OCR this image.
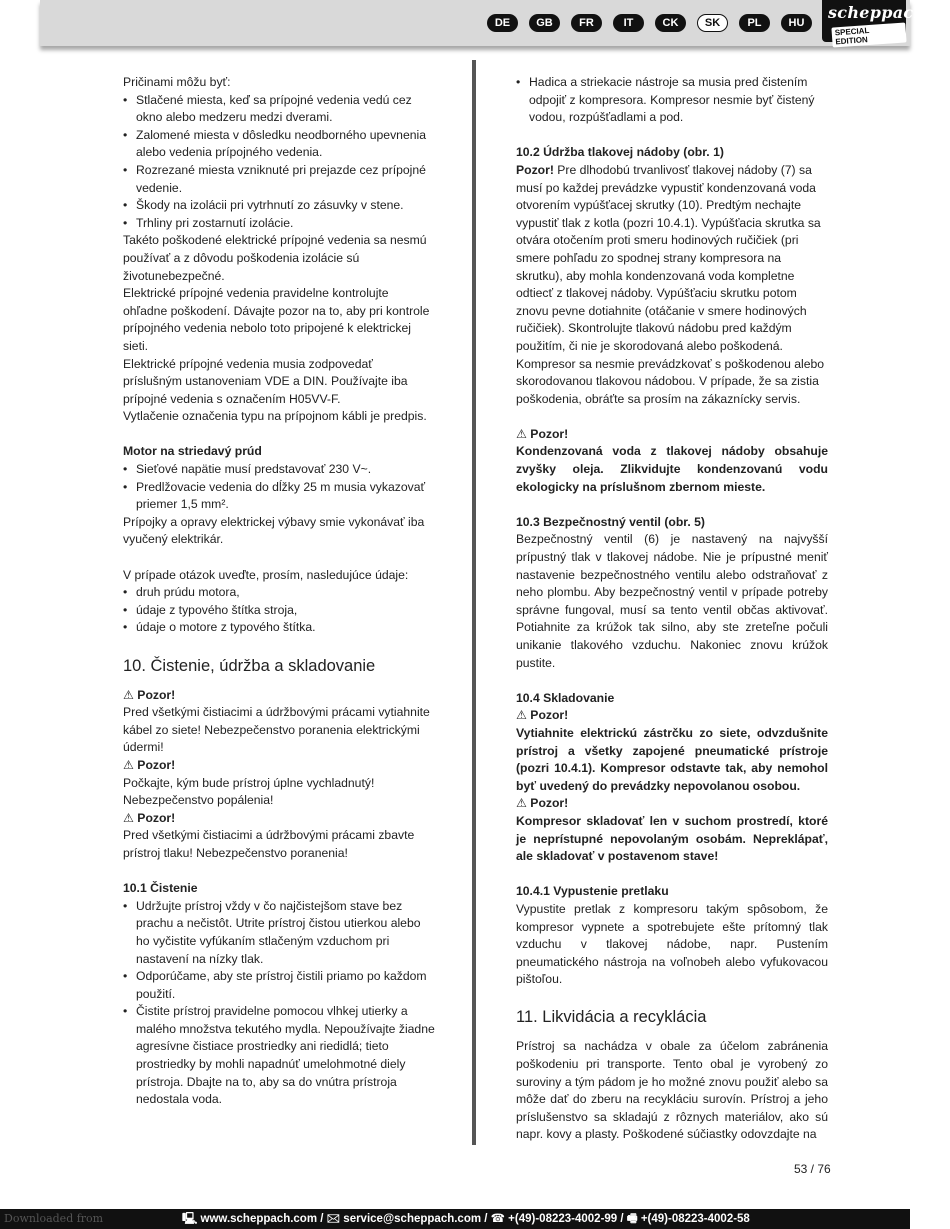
DE	GB	FR	IT	CK	SK	PL	HU
scheppach
SPECIAL EDITION

Pričinami môžu byť:

• Stlačené miesta, keď sa prípojné vedenia vedú cez okno alebo medzeru medzi dverami.
• Zalomené miesta v dôsledku neodborného upevnenia alebo vedenia prípojného vedenia.
• Rozrezané miesta vzniknuté pri prejazde cez prípojné vedenie.
• Škody na izolácii pri vytrhnutí zo zásuvky v stene.
• Trhliny pri zostarnutí izolácie.

Takéto poškodené elektrické prípojné vedenia sa nesmú používať a z dôvodu poškodenia izolácie sú životunebezpečné.

Elektrické prípojné vedenia pravidelne kontrolujte ohľadne poškodení. Dávajte pozor na to, aby pri kontrole prípojného vedenia nebolo toto pripojené k elektrickej sieti.

Elektrické prípojné vedenia musia zodpovedať príslušným ustanoveniam VDE a DIN. Používajte iba prípojné vedenia s označením H05VV-F.

Vytlačenie označenia typu na prípojnom kábli je predpis.

Motor na striedavý prúd

• Sieťové napätie musí predstavovať 230 V~.
• Predlžovacie vedenia do dĺžky 25 m musia vykazovať priemer 1,5 mm².

Prípojky a opravy elektrickej výbavy smie vykonávať iba vyučený elektrikár.

V prípade otázok uveďte, prosím, nasledujúce údaje:

• druh prúdu motora,
• údaje z typového štítka stroja,
• údaje o motore z typového štítka.
10. Čistenie, údržba a skladovanie

⚠ Pozor!

Pred všetkými čistiacimi a údržbovými prácami vytiahnite kábel zo siete! Nebezpečenstvo poranenia elektrickými údermi!

⚠ Pozor!

Počkajte, kým bude prístroj úplne vychladnutý! Nebezpečenstvo popálenia!

⚠ Pozor!

Pred všetkými čistiacimi a údržbovými prácami zbavte prístroj tlaku! Nebezpečenstvo poranenia!

10.1 Čistenie

• Udržujte prístroj vždy v čo najčistejšom stave bez prachu a nečistôt. Utrite prístroj čistou utierkou alebo ho vyčistite vyfúkaním stlačeným vzduchom pri nastavení na nízky tlak.
• Odporúčame, aby ste prístroj čistili priamo po každom použití.
• Čistite prístroj pravidelne pomocou vlhkej utierky a malého množstva tekutého mydla. Nepoužívajte žiadne agresívne čistiace prostriedky ani riedidlá; tieto prostriedky by mohli napadnúť umelohmotné diely prístroja. Dbajte na to, aby sa do vnútra prístroja nedostala voda.
• Hadica a striekacie nástroje sa musia pred čistením odpojiť z kompresora. Kompresor nesmie byť čistený vodou, rozpúšťadlami a pod.

10.2 Údržba tlakovej nádoby (obr. 1)

Pozor! Pre dlhodobú trvanlivosť tlakovej nádoby (7) sa musí po každej prevádzke vypustiť kondenzovaná voda otvorením vypúšťacej skrutky (10). Predtým nechajte vypustiť tlak z kotla (pozri 10.4.1). Vypúšťacia skrutka sa otvára otočením proti smeru hodinových ručičiek (pri smere pohľadu zo spodnej strany kompresora na skrutku), aby mohla kondenzovaná voda kompletne odtiecť z tlakovej nádoby. Vypúšťaciu skrutku potom znovu pevne dotiahnite (otáčanie v smere hodinových ručičiek). Skontrolujte tlakovú nádobu pred každým použitím, či nie je skorodovaná alebo poškodená. Kompresor sa nesmie prevádzkovať s poškodenou alebo skorodovanou tlakovou nádobou. V prípade, že sa zistia poškodenia, obráťte sa prosím na zákaznícky servis.

⚠ Pozor!

Kondenzovaná voda z tlakovej nádoby obsahuje zvyšky oleja. Zlikvidujte kondenzovanú vodu ekologicky na príslušnom zbernom mieste.

10.3 Bezpečnostný ventil (obr. 5)

Bezpečnostný ventil (6) je nastavený na najvyšší prípustný tlak v tlakovej nádobe. Nie je prípustné meniť nastavenie bezpečnostného ventilu alebo odstraňovať z neho plombu. Aby bezpečnostný ventil v prípade potreby správne fungoval, musí sa tento ventil občas aktivovať. Potiahnite za krúžok tak silno, aby ste zreteľne počuli unikanie tlakového vzduchu. Nakoniec znovu krúžok pustite.

10.4 Skladovanie

⚠ Pozor!

Vytiahnite elektrickú zástrčku zo siete, odvzdušnite prístroj a všetky zapojené pneumatické prístroje (pozri 10.4.1). Kompresor odstavte tak, aby nemohol byť uvedený do prevádzky nepovolanou osobou.

⚠ Pozor!

Kompresor skladovať len v suchom prostredí, ktoré je neprístupné nepovolaným osobám. Nepreklápať, ale skladovať v postavenom stave!

10.4.1 Vypustenie pretlaku

Vypustite pretlak z kompresoru takým spôsobom, že kompresor vypnete a spotrebujete ešte prítomný tlak vzduchu v tlakovej nádobe, napr. Pustením pneumatického nástroja na voľnobeh alebo vyfukovacou pištoľou.

11. Likvidácia a recyklácia

Prístroj sa nachádza v obale za účelom zabránenia poškodeniu pri transporte. Tento obal je vyrobený zo suroviny a tým pádom je ho možné znovu použiť alebo sa môže dať do zberu na recykláciu surovín. Prístroj a jeho príslušenstvo sa skladajú z rôznych materiálov, ako sú napr. kovy a plasty. Poškodené súčiastky odovzdajte na

53 / 76
Downloaded from	🖳 www.scheppach.com / 🖂 service@scheppach.com / ☎ +(49)-08223-4002-99 / 🖷 +(49)-08223-4002-58
